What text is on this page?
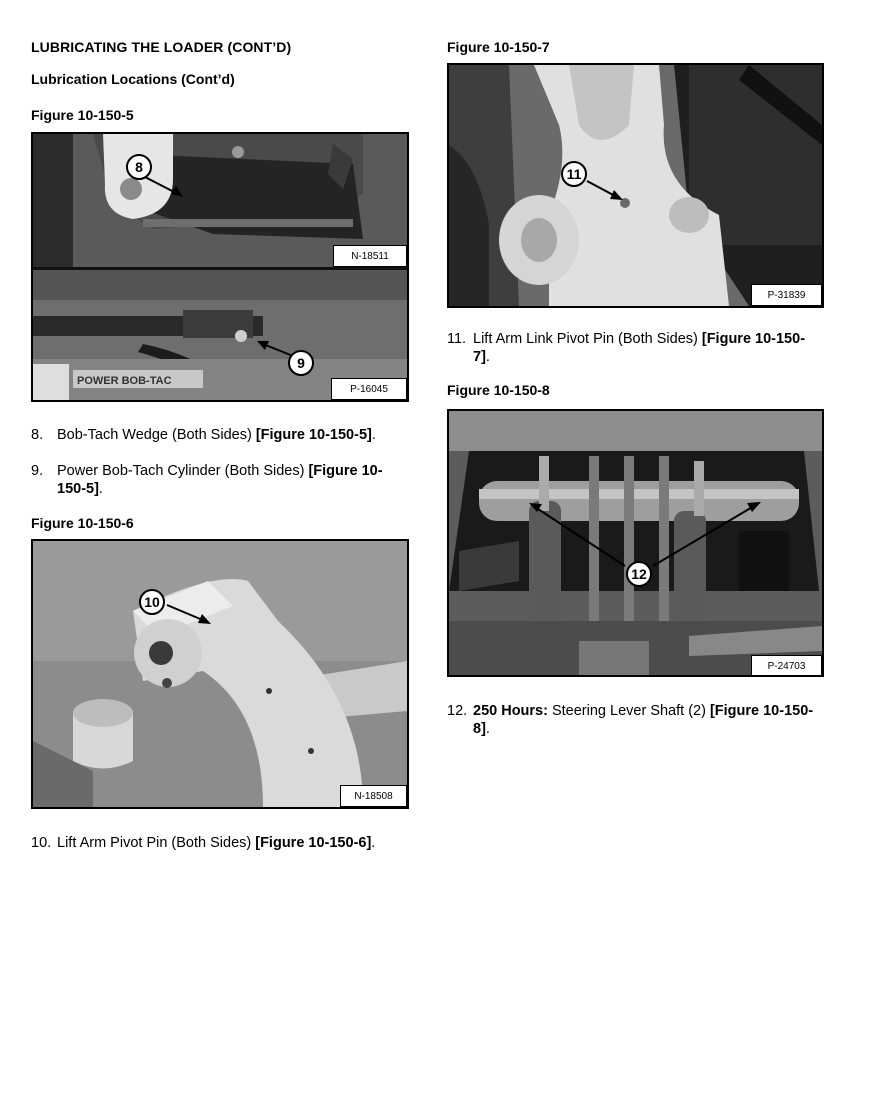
LUBRICATING THE LOADER (CONT’D)
Lubrication Locations (Cont’d)
Figure 10-150-5
POWER BOB-TAC
8
9
N-18511
P-16045
8. Bob-Tach Wedge (Both Sides) [Figure 10-150-5].
9. Power Bob-Tach Cylinder (Both Sides) [Figure 10-
150-5].
Figure 10-150-6
10
N-18508
10. Lift Arm Pivot Pin (Both Sides) [Figure 10-150-6].
Figure 10-150-7
11
P-31839
11. Lift Arm Link Pivot Pin (Both Sides) [Figure 10-150-
7].
Figure 10-150-8
12
P-24703
12. 250 Hours: Steering Lever Shaft (2) [Figure 10-150-
8].
